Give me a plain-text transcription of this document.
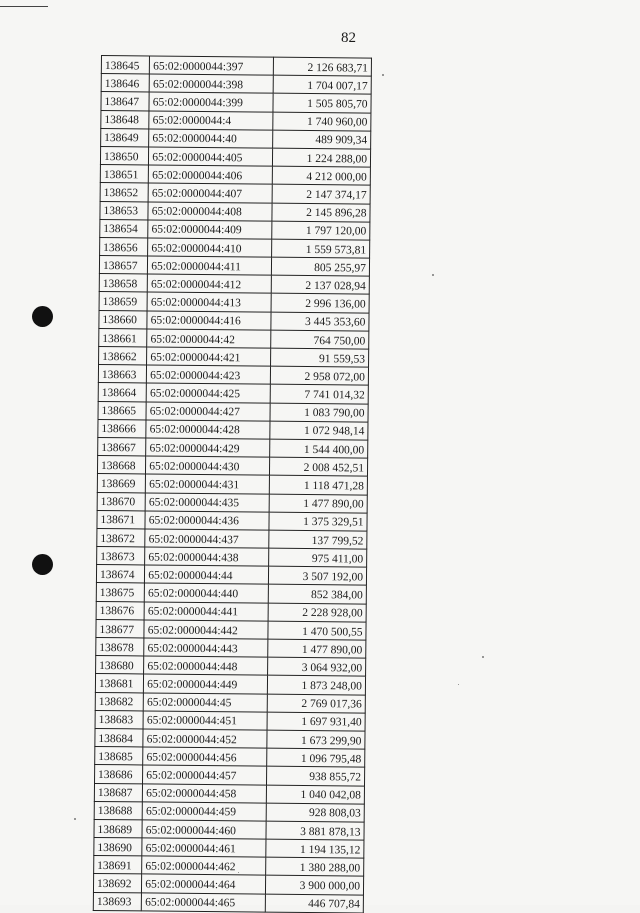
82
138645	65:02:0000044:397	2 126 683,71
138646	65:02:0000044:398	1 704 007,17
138647	65:02:0000044:399	1 505 805,70
138648	65:02:0000044:4	1 740 960,00
138649	65:02:0000044:40	489 909,34
138650	65:02:0000044:405	1 224 288,00
138651	65:02:0000044:406	4 212 000,00
138652	65:02:0000044:407	2 147 374,17
138653	65:02:0000044:408	2 145 896,28
138654	65:02:0000044:409	1 797 120,00
138656	65:02:0000044:410	1 559 573,81
138657	65:02:0000044:411	805 255,97
138658	65:02:0000044:412	2 137 028,94
138659	65:02:0000044:413	2 996 136,00
138660	65:02:0000044:416	3 445 353,60
138661	65:02:0000044:42	764 750,00
138662	65:02:0000044:421	91 559,53
138663	65:02:0000044:423	2 958 072,00
138664	65:02:0000044:425	7 741 014,32
138665	65:02:0000044:427	1 083 790,00
138666	65:02:0000044:428	1 072 948,14
138667	65:02:0000044:429	1 544 400,00
138668	65:02:0000044:430	2 008 452,51
138669	65:02:0000044:431	1 118 471,28
138670	65:02:0000044:435	1 477 890,00
138671	65:02:0000044:436	1 375 329,51
138672	65:02:0000044:437	137 799,52
138673	65:02:0000044:438	975 411,00
138674	65:02:0000044:44	3 507 192,00
138675	65:02:0000044:440	852 384,00
138676	65:02:0000044:441	2 228 928,00
138677	65:02:0000044:442	1 470 500,55
138678	65:02:0000044:443	1 477 890,00
138680	65:02:0000044:448	3 064 932,00
138681	65:02:0000044:449	1 873 248,00
138682	65:02:0000044:45	2 769 017,36
138683	65:02:0000044:451	1 697 931,40
138684	65:02:0000044:452	1 673 299,90
138685	65:02:0000044:456	1 096 795,48
138686	65:02:0000044:457	938 855,72
138687	65:02:0000044:458	1 040 042,08
138688	65:02:0000044:459	928 808,03
138689	65:02:0000044:460	3 881 878,13
138690	65:02:0000044:461	1 194 135,12
138691	65:02:0000044:462	1 380 288,00
138692	65:02:0000044:464	3 900 000,00
138693	65:02:0000044:465	446 707,84
